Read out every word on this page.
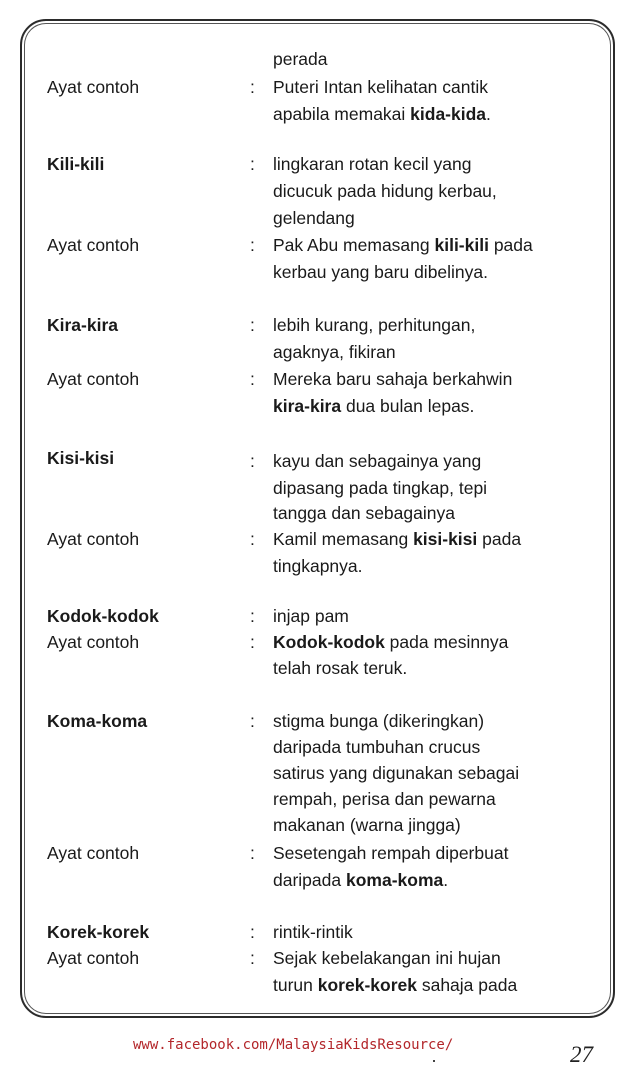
perada
Ayat contoh	: Puteri Intan kelihatan cantik
apabila memakai kida-kida.
Kili-kili	: lingkaran rotan kecil yang
dicucuk pada hidung kerbau,
gelendang
Ayat contoh	: Pak Abu memasang kili-kili pada
kerbau yang baru dibelinya.
Kira-kira	: lebih kurang, perhitungan,
agaknya, fikiran
Ayat contoh	: Mereka baru sahaja berkahwin
kira-kira dua bulan lepas.
Kisi-kisi	: kayu dan sebagainya yang
dipasang pada tingkap, tepi
tangga dan sebagainya
Ayat contoh	: Kamil memasang kisi-kisi pada
tingkapnya.
Kodok-kodok	: injap pam
Ayat contoh	: Kodok-kodok pada mesinnya
telah rosak teruk.
Koma-koma	: stigma bunga (dikeringkan)
daripada tumbuhan crucus
satirus yang digunakan sebagai
rempah, perisa dan pewarna
makanan (warna jingga)
Ayat contoh	: Sesetengah rempah diperbuat
daripada koma-koma.
Korek-korek	: rintik-rintik
Ayat contoh	: Sejak kebelakangan ini hujan
turun korek-korek sahaja pada
www.facebook.com/MalaysiaKidsResource/	27
